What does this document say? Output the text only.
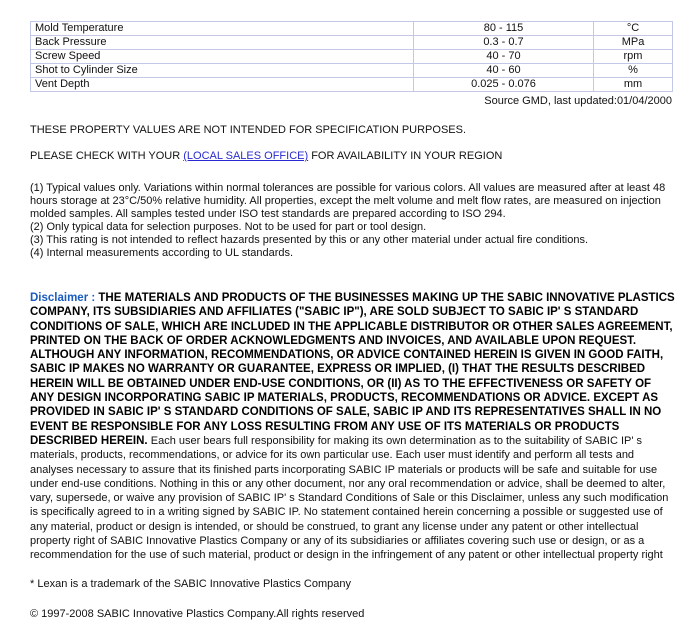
Mold Temperature	80 - 115	°C
Back Pressure	0.3 - 0.7	MPa
Screw Speed	40 - 70	rpm
Shot to Cylinder Size	40 - 60	%
Vent Depth	0.025 - 0.076	mm
Source GMD, last updated:01/04/2000
THESE PROPERTY VALUES ARE NOT INTENDED FOR SPECIFICATION PURPOSES.
PLEASE CHECK WITH YOUR (LOCAL SALES OFFICE) FOR AVAILABILITY IN YOUR REGION

(1) Typical values only. Variations within normal tolerances are possible for various colors. All values are measured after at least 48 hours storage at 23°C/50% relative humidity. All properties, except the melt volume and melt flow rates, are measured on injection molded samples. All samples tested under ISO test standards are prepared according to ISO 294.

(2) Only typical data for selection purposes. Not to be used for part or tool design.

(3) This rating is not intended to reflect hazards presented by this or any other material under actual fire conditions.

(4) Internal measurements according to UL standards.

Disclaimer : THE MATERIALS AND PRODUCTS OF THE BUSINESSES MAKING UP THE SABIC INNOVATIVE PLASTICS COMPANY, ITS SUBSIDIARIES AND AFFILIATES ("SABIC IP"), ARE SOLD SUBJECT TO SABIC IP' S STANDARD CONDITIONS OF SALE, WHICH ARE INCLUDED IN THE APPLICABLE DISTRIBUTOR OR OTHER SALES AGREEMENT, PRINTED ON THE BACK OF ORDER ACKNOWLEDGMENTS AND INVOICES, AND AVAILABLE UPON REQUEST. ALTHOUGH ANY INFORMATION, RECOMMENDATIONS, OR ADVICE CONTAINED HEREIN IS GIVEN IN GOOD FAITH, SABIC IP MAKES NO WARRANTY OR GUARANTEE, EXPRESS OR IMPLIED, (I) THAT THE RESULTS DESCRIBED HEREIN WILL BE OBTAINED UNDER END-USE CONDITIONS, OR (II) AS TO THE EFFECTIVENESS OR SAFETY OF ANY DESIGN INCORPORATING SABIC IP MATERIALS, PRODUCTS, RECOMMENDATIONS OR ADVICE. EXCEPT AS PROVIDED IN SABIC IP' S STANDARD CONDITIONS OF SALE, SABIC IP AND ITS REPRESENTATIVES SHALL IN NO EVENT BE RESPONSIBLE FOR ANY LOSS RESULTING FROM ANY USE OF ITS MATERIALS OR PRODUCTS DESCRIBED HEREIN. Each user bears full responsibility for making its own determination as to the suitability of SABIC IP' s materials, products, recommendations, or advice for its own particular use. Each user must identify and perform all tests and analyses necessary to assure that its finished parts incorporating SABIC IP materials or products will be safe and suitable for use under end-use conditions. Nothing in this or any other document, nor any oral recommendation or advice, shall be deemed to alter, vary, supersede, or waive any provision of SABIC IP' s Standard Conditions of Sale or this Disclaimer, unless any such modification is specifically agreed to in a writing signed by SABIC IP. No statement contained herein concerning a possible or suggested use of any material, product or design is intended, or should be construed, to grant any license under any patent or other intellectual property right of SABIC Innovative Plastics Company or any of its subsidiaries or affiliates covering such use or design, or as a recommendation for the use of such material, product or design in the infringement of any patent or other intellectual property right
* Lexan is a trademark of the SABIC Innovative Plastics Company
© 1997-2008 SABIC Innovative Plastics Company.All rights reserved
